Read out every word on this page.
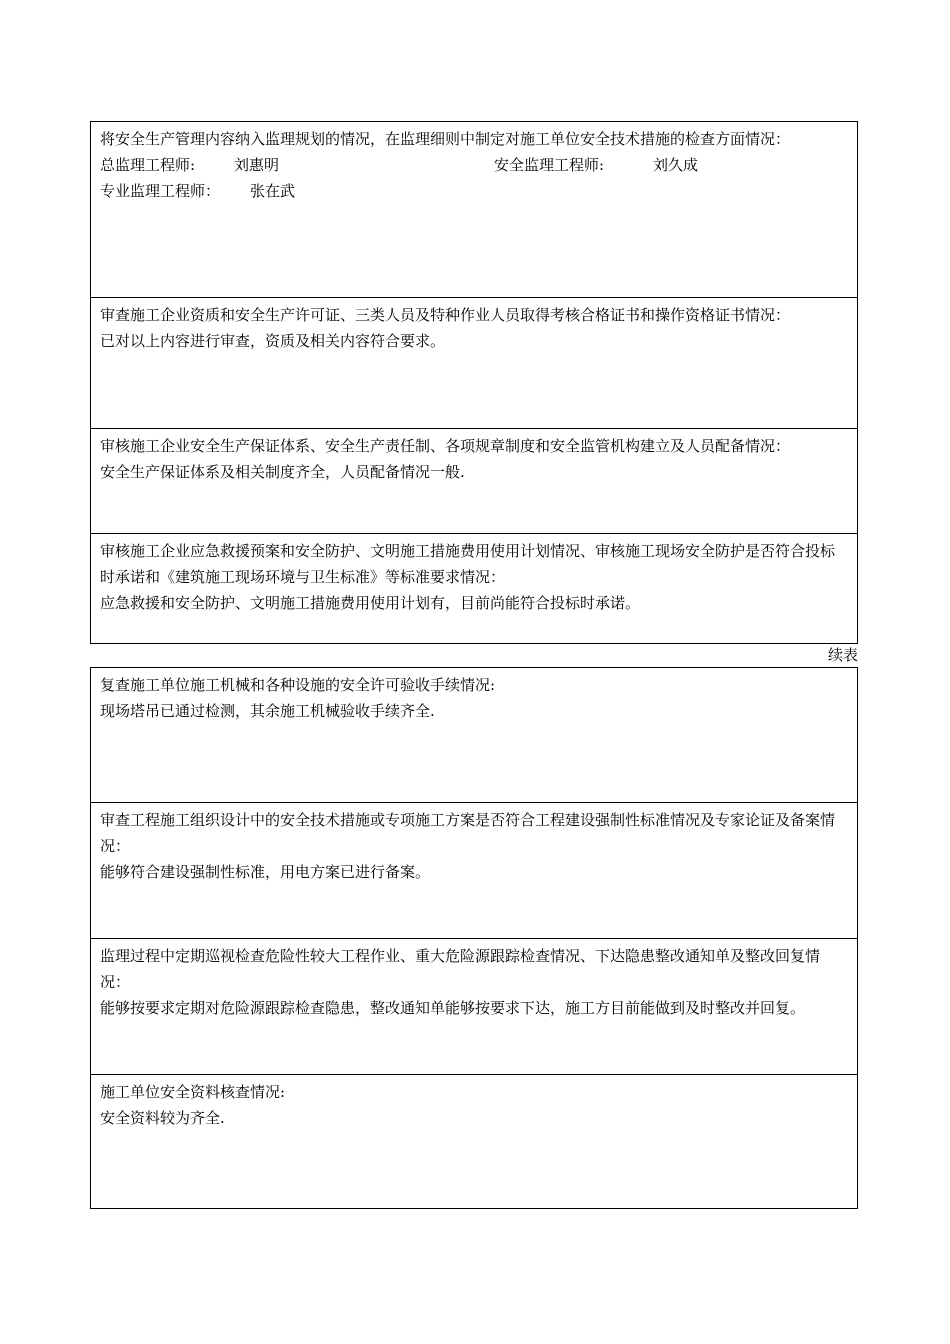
将安全生产管理内容纳入监理规划的情况，在监理细则中制定对施工单位安全技术措施的检查方面情况：
总监理工程师:	刘惠明	安全监理工程师:	刘久成
专业监理工程师： 张在武
审查施工企业资质和安全生产许可证、三类人员及特种作业人员取得考核合格证书和操作资格证书情况：
已对以上内容进行审查，资质及相关内容符合要求。
审核施工企业安全生产保证体系、安全生产责任制、各项规章制度和安全监管机构建立及人员配备情况：
安全生产保证体系及相关制度齐全，人员配备情况一般.
审核施工企业应急救援预案和安全防护、文明施工措施费用使用计划情况、审核施工现场安全防护是否符合投标时承诺和《建筑施工现场环境与卫生标准》等标准要求情况：
应急救援和安全防护、文明施工措施费用使用计划有，目前尚能符合投标时承诺。
续表
复查施工单位施工机械和各种设施的安全许可验收手续情况:
现场塔吊已通过检测，其余施工机械验收手续齐全.
审查工程施工组织设计中的安全技术措施或专项施工方案是否符合工程建设强制性标准情况及专家论证及备案情况：
能够符合建设强制性标准，用电方案已进行备案。
监理过程中定期巡视检查危险性较大工程作业、重大危险源跟踪检查情况、下达隐患整改通知单及整改回复情况：
能够按要求定期对危险源跟踪检查隐患，整改通知单能够按要求下达，施工方目前能做到及时整改并回复。
施工单位安全资料核查情况:
安全资料较为齐全.
